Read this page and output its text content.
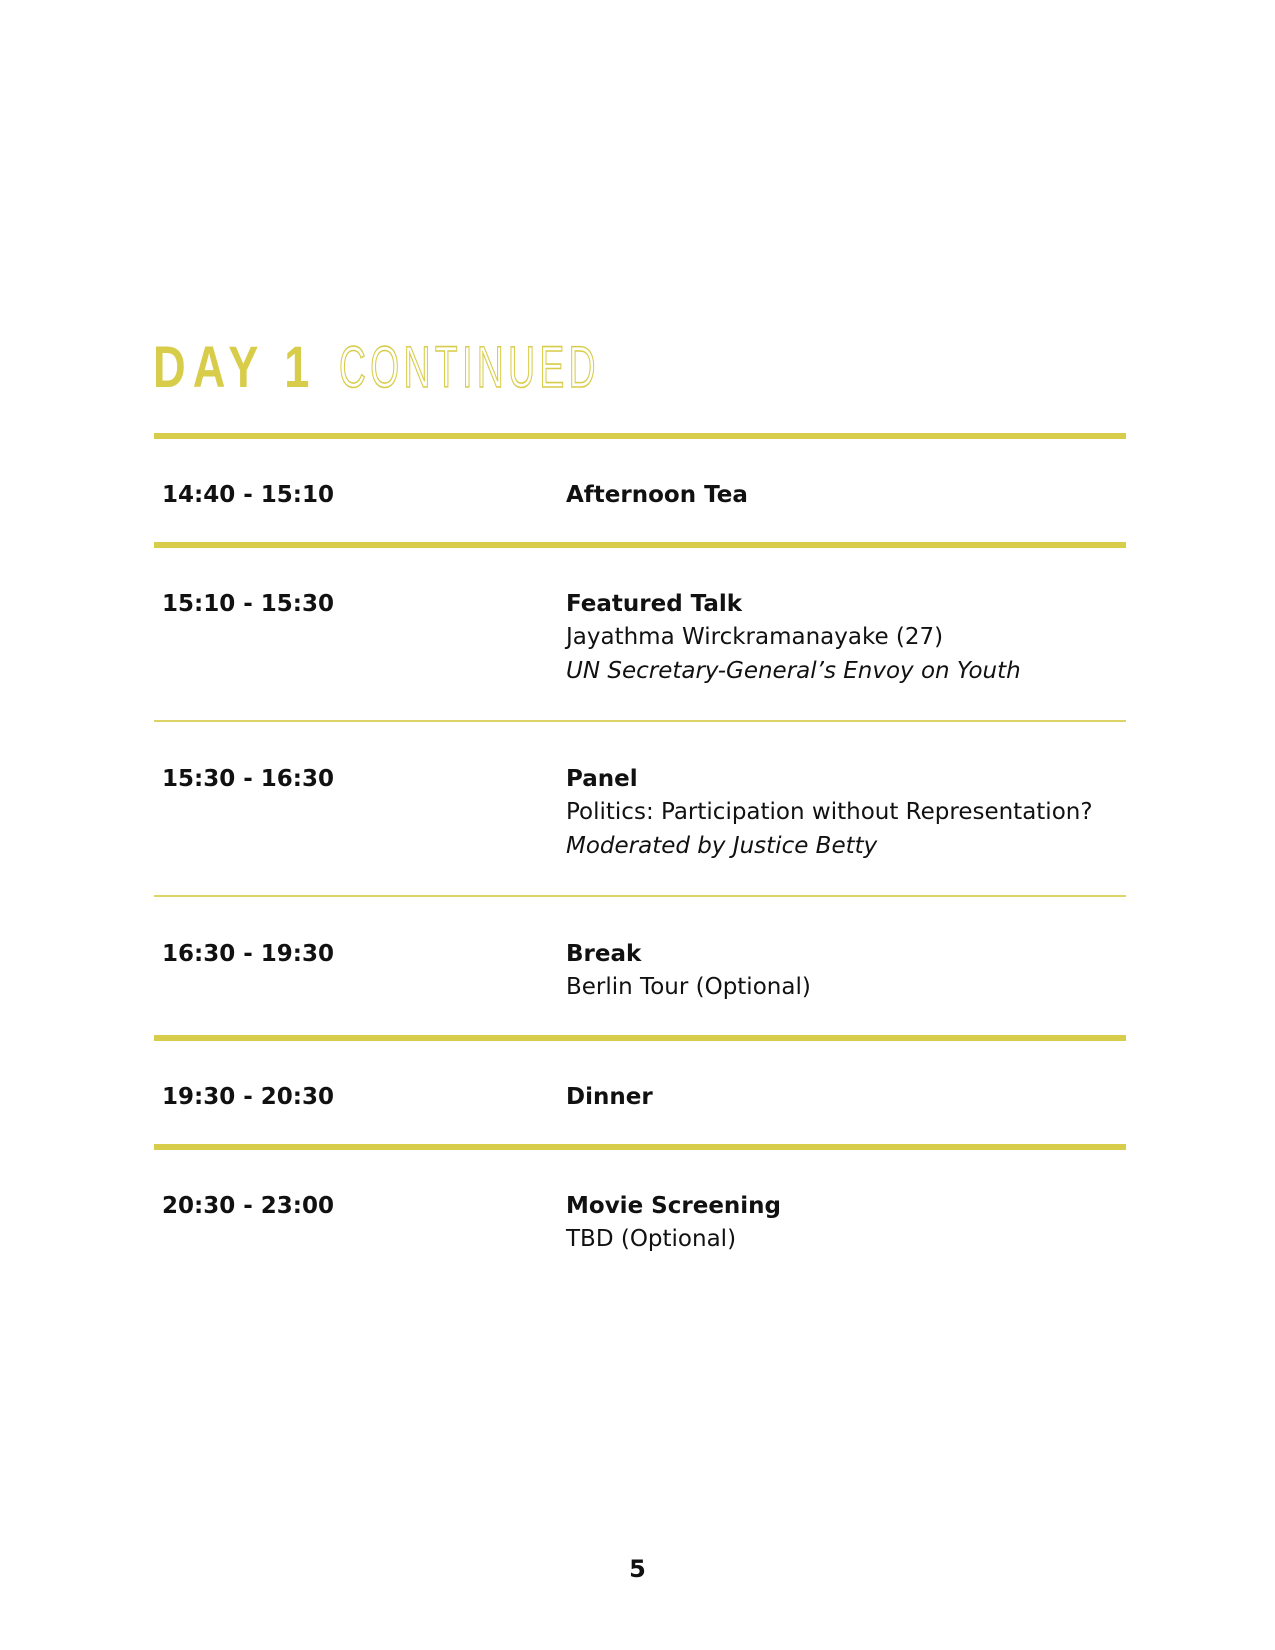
DAY 1 CONTINUED
14:40 - 15:10	Afternoon Tea
15:10 - 15:30	Featured Talk
Jayathma Wirckramanayake (27)
UN Secretary-General’s Envoy on Youth
15:30 - 16:30	Panel
Politics: Participation without Representation?
Moderated by Justice Betty
16:30 - 19:30	Break
Berlin Tour (Optional)
19:30 - 20:30	Dinner
20:30 - 23:00	Movie Screening
TBD (Optional)
5
